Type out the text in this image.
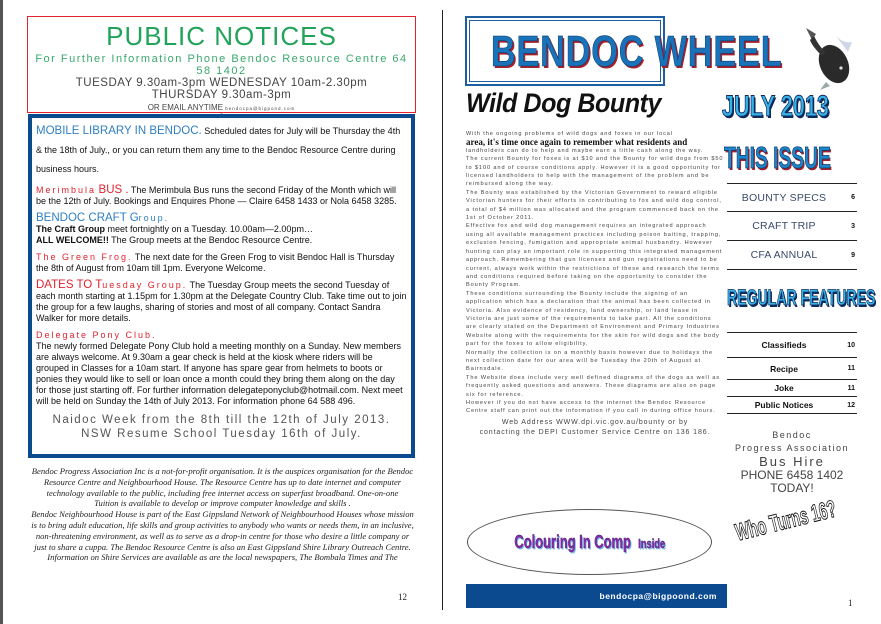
PUBLIC NOTICES
For Further Information Phone Bendoc Resource Centre 64 58 1402
TUESDAY 9.30am-3pm WEDNESDAY 10am-2.30pm
THURSDAY 9.30am-3pm
OR EMAIL ANYTIME bendocpa@bigpond.com
▪
MOBILE LIBRARY IN BENDOC. Scheduled dates for July will be Thursday the 4th & the 18th of July., or you can return them any time to the Bendoc Resource Centre during business hours.
Merimbula BUS . The Merimbula Bus runs the second Friday of the Month which will be the 12th of July. Bookings and Enquires Phone — Claire 6458 1433 or Nola 6458 3285.
BENDOC CRAFT Group.
The Craft Group meet fortnightly on a Tuesday. 10.00am—2.00pm…
ALL WELCOME!! The Group meets at the Bendoc Resource Centre.
The Green Frog. The next date for the Green Frog to visit Bendoc Hall is Thursday the 8th of August from 10am till 1pm. Everyone Welcome.
DATES TO Tuesday Group. The Tuesday Group meets the second Tuesday of each month starting at 1.15pm for 1.30pm at the Delegate Country Club. Take time out to join the group for a few laughs, sharing of stories and most of all company. Contact Sandra Walker for more details.
Delegate Pony Club.
The newly formed Delegate Pony Club hold a meeting monthly on a Sunday. New members are always welcome. At 9.30am a gear check is held at the kiosk where riders will be grouped in Classes for a 10am start. If anyone has spare gear from helmets to boots or ponies they would like to sell or loan once a month could they bring them along on the day for those just starting off. For further information delegateponyclub@hotmail.com. Next meet will be held on Sunday the 14th of July 2013. For information phone 64 588 496.
Naidoc Week from the 8th till the 12th of July 2013.
NSW Resume School Tuesday 16th of July.
Bendoc Progress Association Inc is a not-for-profit organisation. It is the auspices organisation for the Bendoc Resource Centre and Neighbourhood House. The Resource Centre has up to date internet and computer technology available to the public, including free internet access on superfast broadband. One-on-one
Tuition is available to develop or improve computer knowledge and skills .
Bendoc Neighbourhood House is part of the East Gippsland Network of Neighbourhood Houses whose mission is to bring adult education, life skills and group activities to anybody who wants or needs them, in an inclusive, non-threatening environment, as well as to serve as a drop-in centre for those who desire a little company or just to share a cuppa. The Bendoc Resource Centre is also an East Gippsland Shire Library Outreach Centre.
Information on Shire Services are available as are the local newspapers, The Bombala Times and The
12
BENDOC WHEEL
Wild Dog Bounty JULY 2013
THIS ISSUE

With the ongoing problems of wild dogs and foxes in our local

area, it's time once again to remember what residents and

landholders can do to help and maybe earn a little cash along the way.

The current Bounty for foxes is at $10 and the Bounty for wild dogs from $50 to $100 and of course conditions apply. However it is a good opportunity for licensed landholders to help with the management of the problem and be reimbursed along the way.

The Bounty was established by the Victorian Government to reward eligible Victorian hunters for their efforts in contributing to fox and wild dog control, a total of $4 million was allocated and the program commenced back on the 1st of October 2011.

Effective fox and wild dog management requires an integrated approach using all available management practices including poison baiting, trapping, exclusion fencing, fumigation and appropriate animal husbandry. However hunting can play an important role in supporting this integrated management approach. Remembering that gun licenses and gun registrations need to be current, always work within the restrictions of these and research the terms and conditions required before taking on the opportunity to consider the Bounty Program.

These conditions surrounding the Bounty include the signing of an application which has a declaration that the animal has been collected in Victoria. Also evidence of residency, land ownership, or land lease in Victoria are just some of the requirements to take part. All the conditions are clearly stated on the Department of Environment and Primary Industries Website along with the requirements for the skin for wild dogs and the body part for the foxes to allow eligibility.

Normally the collection is on a monthly basis however due to holidays the next collection date for our area will be Tuesday the 20th of August at Bairnsdale.

The Website does include very well defined diagrams of the dogs as well as frequently asked questions and answers. These diagrams are also on page six for reference.

However if you do not have access to the internet the Bendoc Resource Centre staff can print out the information if you call in during office hours.

Web Address WWW.dpi.vic.gov.au/bounty or by
contacting the DEPI Customer Service Centre on 136 186.

BOUNTY SPECS	6
CRAFT TRIP	3
CFA ANNUAL	9
REGULAR FEATURES
Classifieds	10
Recipe	11
Joke	11
Public Notices	12
Bendoc
Progress Association
Bus Hire
PHONE 6458 1402
TODAY!
Colouring In Comp Inside	Who Turns 16?
bendocpa@bigpoond.com
1
